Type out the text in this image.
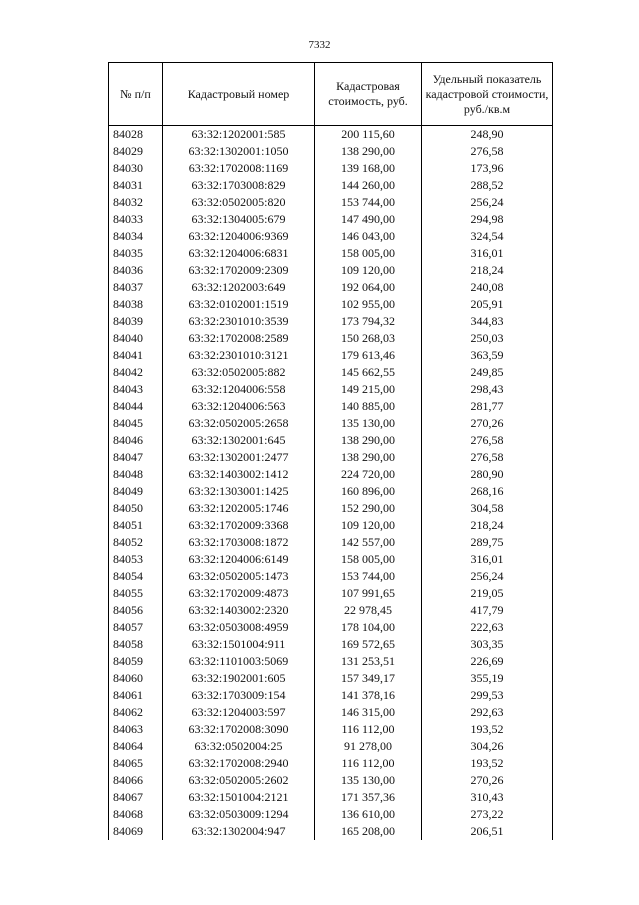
7332
№ п/п	Кадастровый номер	Кадастровая стоимость, руб.	Удельный показатель кадастровой стоимости, руб./кв.м
84028	63:32:1202001:585	200 115,60	248,90
84029	63:32:1302001:1050	138 290,00	276,58
84030	63:32:1702008:1169	139 168,00	173,96
84031	63:32:1703008:829	144 260,00	288,52
84032	63:32:0502005:820	153 744,00	256,24
84033	63:32:1304005:679	147 490,00	294,98
84034	63:32:1204006:9369	146 043,00	324,54
84035	63:32:1204006:6831	158 005,00	316,01
84036	63:32:1702009:2309	109 120,00	218,24
84037	63:32:1202003:649	192 064,00	240,08
84038	63:32:0102001:1519	102 955,00	205,91
84039	63:32:2301010:3539	173 794,32	344,83
84040	63:32:1702008:2589	150 268,03	250,03
84041	63:32:2301010:3121	179 613,46	363,59
84042	63:32:0502005:882	145 662,55	249,85
84043	63:32:1204006:558	149 215,00	298,43
84044	63:32:1204006:563	140 885,00	281,77
84045	63:32:0502005:2658	135 130,00	270,26
84046	63:32:1302001:645	138 290,00	276,58
84047	63:32:1302001:2477	138 290,00	276,58
84048	63:32:1403002:1412	224 720,00	280,90
84049	63:32:1303001:1425	160 896,00	268,16
84050	63:32:1202005:1746	152 290,00	304,58
84051	63:32:1702009:3368	109 120,00	218,24
84052	63:32:1703008:1872	142 557,00	289,75
84053	63:32:1204006:6149	158 005,00	316,01
84054	63:32:0502005:1473	153 744,00	256,24
84055	63:32:1702009:4873	107 991,65	219,05
84056	63:32:1403002:2320	22 978,45	417,79
84057	63:32:0503008:4959	178 104,00	222,63
84058	63:32:1501004:911	169 572,65	303,35
84059	63:32:1101003:5069	131 253,51	226,69
84060	63:32:1902001:605	157 349,17	355,19
84061	63:32:1703009:154	141 378,16	299,53
84062	63:32:1204003:597	146 315,00	292,63
84063	63:32:1702008:3090	116 112,00	193,52
84064	63:32:0502004:25	91 278,00	304,26
84065	63:32:1702008:2940	116 112,00	193,52
84066	63:32:0502005:2602	135 130,00	270,26
84067	63:32:1501004:2121	171 357,36	310,43
84068	63:32:0503009:1294	136 610,00	273,22
84069	63:32:1302004:947	165 208,00	206,51
